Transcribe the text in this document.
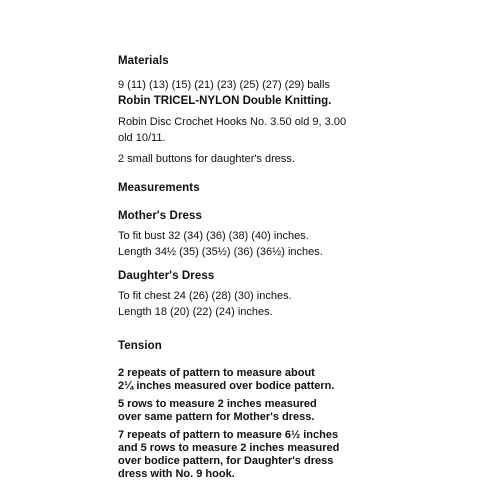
Materials

9 (11) (13) (15) (21) (23) (25) (27) (29) balls

Robin TRICEL-NYLON Double Knitting.

Robin Disc Crochet Hooks No. 3.50 old 9, 3.00

old 10/11.

2 small buttons for daughter's dress.

Measurements

Mother's Dress

To fit bust 32 (34) (36) (38) (40) inches.

Length 34½ (35) (35½) (36) (36½) inches.

Daughter's Dress

To fit chest 24 (26) (28) (30) inches.

Length 18 (20) (22) (24) inches.

Tension

2 repeats of pattern to measure about

2¼ inches measured over bodice pattern.

5 rows to measure 2 inches measured

over same pattern for Mother's dress.

7 repeats of pattern to measure 6½ inches

and 5 rows to measure 2 inches measured

over bodice pattern, for Daughter's dress

dress with No. 9 hook.
